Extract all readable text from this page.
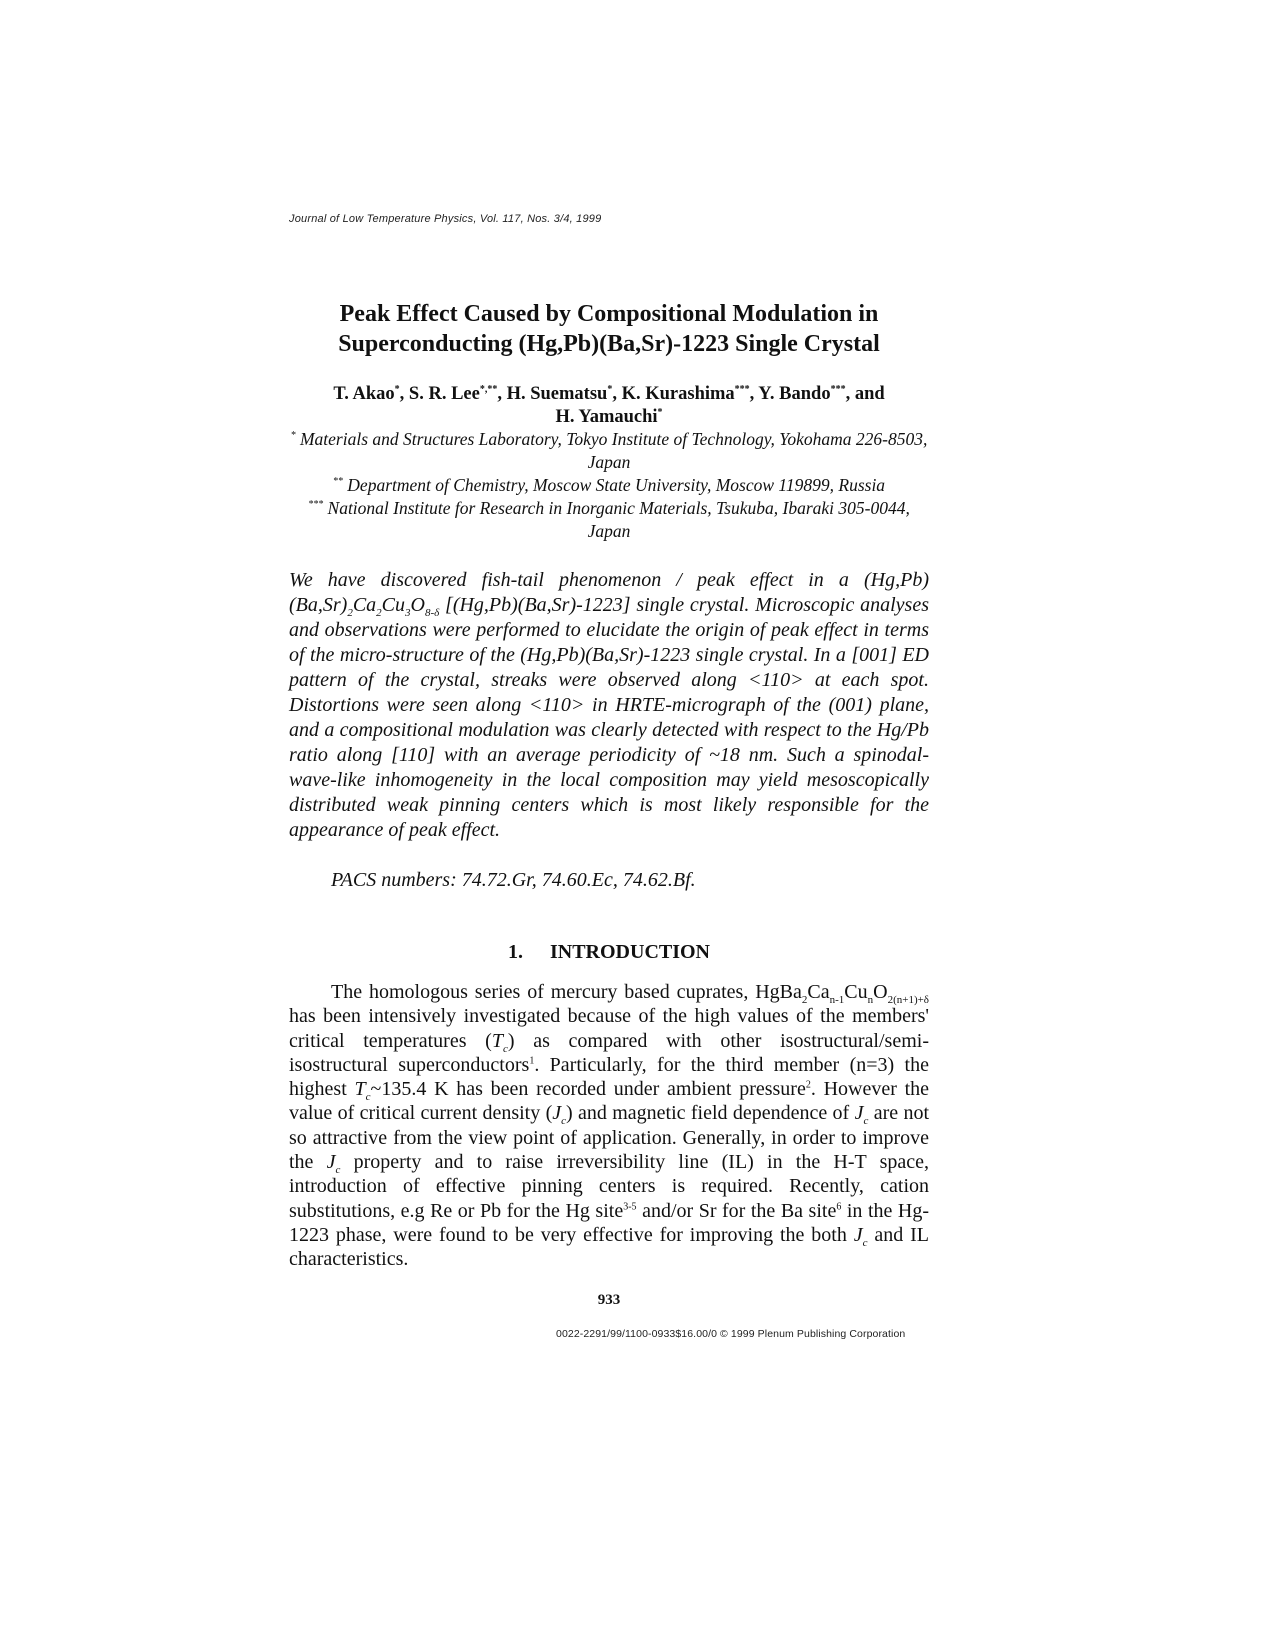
Journal of Low Temperature Physics, Vol. 117, Nos. 3/4, 1999
Peak Effect Caused by Compositional Modulation in
Superconducting (Hg,Pb)(Ba,Sr)-1223 Single Crystal
T. Akao*, S. R. Lee*,**, H. Suematsu*, K. Kurashima***, Y. Bando***, and
H. Yamauchi*
* Materials and Structures Laboratory, Tokyo Institute of Technology, Yokohama 226-8503, Japan
** Department of Chemistry, Moscow State University, Moscow 119899, Russia
*** National Institute for Research in Inorganic Materials, Tsukuba, Ibaraki 305-0044, Japan
We have discovered fish-tail phenomenon / peak effect in a $(Hg,Pb)(Ba,Sr)_2Ca_2Cu_3O_{8-\delta}$ [(Hg,Pb)(Ba,Sr)-1223] single crystal. Microscopic analyses and observations were performed to elucidate the origin of peak effect in terms of the micro-structure of the (Hg,Pb)(Ba,Sr)-1223 single crystal. In a [001] ED pattern of the crystal, streaks were observed along <110> at each spot. Distortions were seen along <110> in HRTE-micrograph of the (001) plane, and a compositional modulation was clearly detected with respect to the Hg/Pb ratio along [110] with an average periodicity of ~18 nm. Such a spinodal-wave-like inhomogeneity in the local composition may yield mesoscopically distributed weak pinning centers which is most likely responsible for the appearance of peak effect.
PACS numbers: 74.72.Gr, 74.60.Ec, 74.62.Bf.
1. INTRODUCTION
The homologous series of mercury based cuprates, $HgBa_2Ca_{n-1}Cu_nO_{2(n+1)+\delta}$ has been intensively investigated because of the high values of the members' critical temperatures $(T_c)$ as compared with other isostructural/semi-isostructural superconductors$^1$. Particularly, for the third member (n=3) the highest $T_c\sim 135.4$ K has been recorded under ambient pressure$^2$. However the value of critical current density $(J_c)$ and magnetic field dependence of $J_c$ are not so attractive from the view point of application. Generally, in order to improve the $J_c$ property and to raise irreversibility line (IL) in the H-T space, introduction of effective pinning centers is required. Recently, cation substitutions, e.g Re or Pb for the Hg site$^{3-5}$ and/or Sr for the Ba site$^6$ in the Hg-1223 phase, were found to be very effective for improving the both $J_c$ and IL characteristics.
933
0022-2291/99/1100-0933$16.00/0 © 1999 Plenum Publishing Corporation
